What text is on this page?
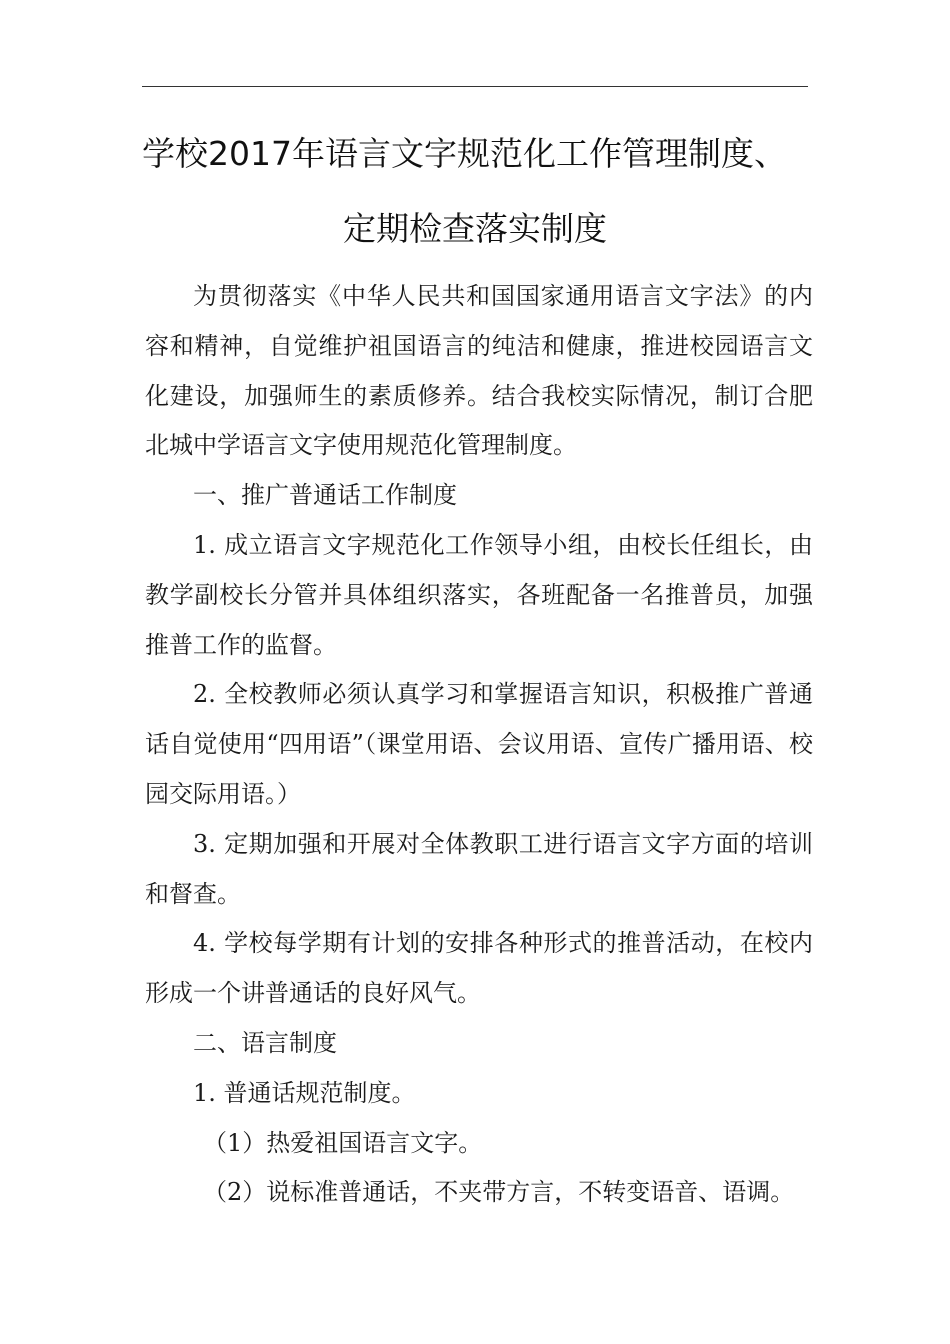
学校2017年语言文字规范化工作管理制度、
定期检查落实制度

为贯彻落实《中华人民共和国国家通用语言文字法》的内容和精神，自觉维护祖国语言的纯洁和健康，推进校园语言文化建设，加强师生的素质修养。结合我校实际情况，制订合肥北城中学语言文字使用规范化管理制度。

一、推广普通话工作制度

1. 成立语言文字规范化工作领导小组，由校长任组长，由教学副校长分管并具体组织落实，各班配备一名推普员，加强推普工作的监督。

2. 全校教师必须认真学习和掌握语言知识，积极推广普通话自觉使用“四用语”（课堂用语、会议用语、宣传广播用语、校园交际用语。）

3. 定期加强和开展对全体教职工进行语言文字方面的培训和督查。

4. 学校每学期有计划的安排各种形式的推普活动，在校内形成一个讲普通话的良好风气。

二、语言制度

1. 普通话规范制度。

（1）热爱祖国语言文字。

（2）说标准普通话，不夹带方言，不转变语音、语调。
